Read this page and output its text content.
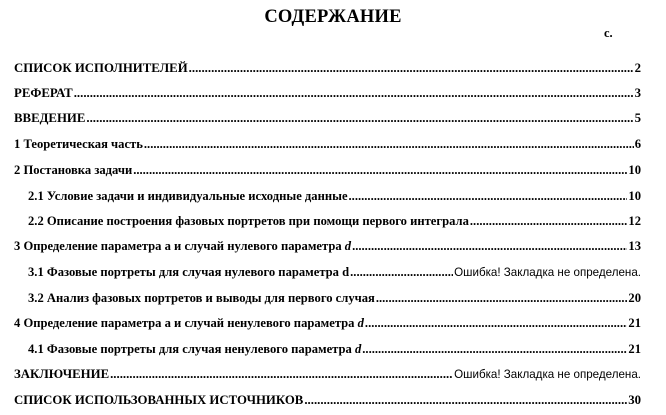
СОДЕРЖАНИЕ
с.
СПИСОК ИСПОЛНИТЕЛЕЙ .....	2
РЕФЕРАТ .....	3
ВВЕДЕНИЕ .....	5
1 Теоретическая часть .....	6
2 Постановка задачи .....	10
2.1 Условие задачи и индивидуальные исходные данные .....	10
2.2 Описание построения фазовых портретов при помощи первого интеграла .....	12
3 Определение параметра a и случай нулевого параметра d .....	13
3.1 Фазовые портреты для случая нулевого параметра d .....	Ошибка! Закладка не определена.
3.2 Анализ фазовых портретов и выводы для первого случая .....	20
4 Определение параметра a и случай ненулевого параметра d .....	21
4.1 Фазовые портреты для случая ненулевого параметра d .....	21
ЗАКЛЮЧЕНИЕ .....	Ошибка! Закладка не определена.
СПИСОК ИСПОЛЬЗОВАННЫХ ИСТОЧНИКОВ .....	30
